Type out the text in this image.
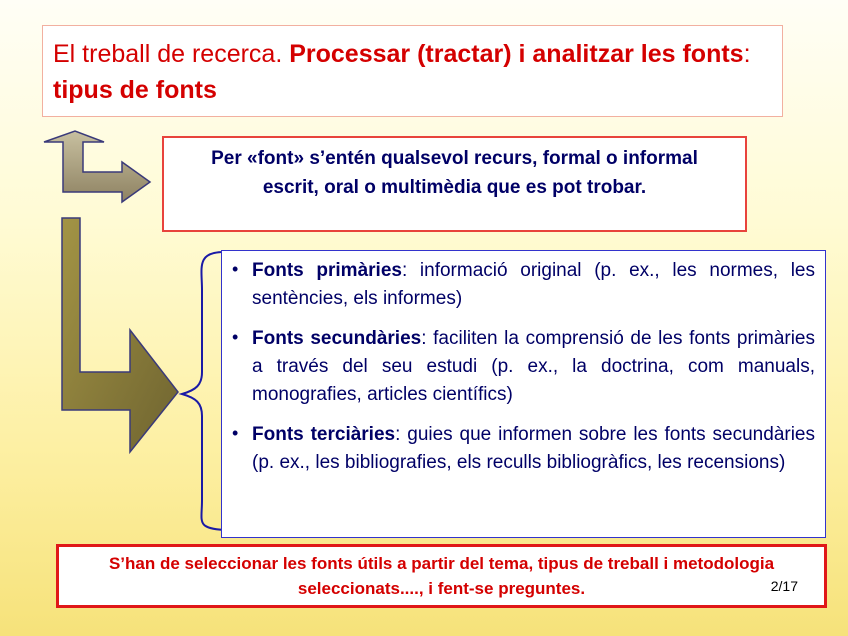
El treball de recerca. Processar (tractar) i analitzar les fonts: tipus de fonts
Per «font» s’entén qualsevol recurs, formal o informal escrit, oral o multimèdia que es pot trobar.
• Fonts primàries: informació original (p. ex., les normes, les sentències, els informes)
• Fonts secundàries: faciliten la comprensió de les fonts primàries a través del seu estudi (p. ex., la doctrina, com manuals, monografies, articles científics)
• Fonts terciàries: guies que informen sobre les fonts secundàries (p. ex., les bibliografies, els reculls bibliogràfics, les recensions)
S’han de seleccionar les fonts útils a partir del tema, tipus de treball i metodologia seleccionats...., i fent-se preguntes.	2/17
